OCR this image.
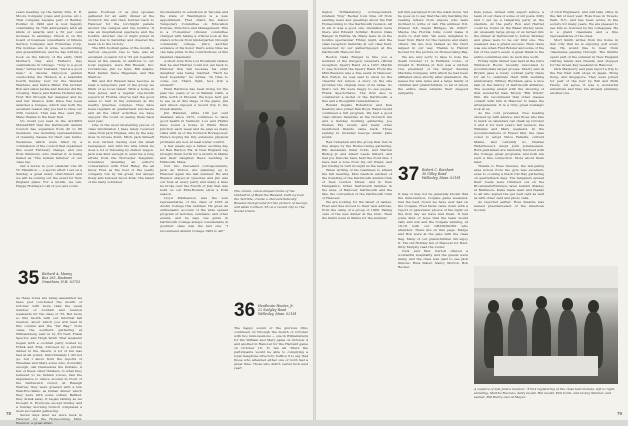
years heading up the family firm, E. R. Moore Company (caps and gowns, etc.). That company became part of Bentley Pontiac in 1960 and is now happily celebrating its 75th anniversary with all kinds of awards and a 50 per cent increase in earnings. Chuck is on the board of business consultants of Illinois Service Company and Franchise Corp. His hobbies are in wine, woodworking and grandchildren, and he has written a book on the history of the early 1920 Mother's Day and Father's Day celebrations in Chicago. "Tony is a good man," writes her husband, "and is a good man." A diverse Tanyoyon garden overlooking the Hudson is a beautiful fourth Sunday tour for the Wendell Wardens, and Debra Miller. His brother Bob and sister Jackie and Delores did the crossing. Dance and Debbie Holland saw Hoyt Hot through her designer and he and her finance Amb Dave has been awarded a bungee, which was both the excellent reason why Joe had to miss our 35th reunion. That was fine, said Jim. Many thanks to the Dear Neil.

No doubt you read in the ALUMNI MAGAZINE that the Dartmouth Alumni Council has expanded from 45 to 86 members, one including representatives of cleaning classes for their own terms. Vacancies which were filled by a commission of the council that organized this event February change, and one from Simmons, who chaired it, is being hailed as "The human failures" of our class rep.

Get a notice in your calendar: the 30 YC Marathon — a sports effort I set on a Sunday, a great many older-timers and we will be coming out the event for New England plans. For a month, we can. Happy Holidays to all of you and yours.

35 Richard A. Manny
Box 265, Eastman
Grantham, N.H. 03753

As these notes are being assembled we have just concluded the month of October with more than the usual number of football and reunion weekends for the class of '35. But more so this month with our informal fall reunion, about which you will read in this column and the "Tar Bag." Note came the southern gathering at Williamsburg sent in by Ed Nell, Frank Spector, and Hugh Wolff. That weekend began with a cocktail party hosted by Frank and Edie, followed by a picture dinner in the Tavern. A lot of fun was had at all points. Unfortunately I did not go, but I know from the reports of Wiseman and Mary some who, ironically enough, call themselves the Indians. A few of these other thinkers, to what they believed to be hidden voices, had the impudence to dance around in front of the Dartmouth crowd. At Raleigh Warren, they were greeted with a few Wah-Hoo-Wahs, as Indian dinner which they were with some outlaw. Baffled, they drank away. It began raining as we thought it. Everyone except Dudley and a Sunday morning brunch completed a most successful gathering.

Seven days later we were back in Hanover for the Homecoming Mini-Reunion, a great affair.

game. Fourteen of us plus spouses gathered for an early dinner at the Norwich Inn and then hurried back to Hanover for the torchlight parade around the campus and the bonfire. It was an inspirational spectacle and the bonfire. Another one or night joined in on the bus to Saturday and cheered the team on to the victory.

The fifth football game of the month, a narrow one-point loss to Yale, was an excellent occasion for a '35 get together. Seen at the stands, in addition to our local regulars, were Bill Russell, Doc Cornbrooks, Jim Le Sure, Bill Adams, Reid Pedler, Dave Hageman, and Hal Stanton.

Bill and Dot Russell have become at least a temporary part of the group we think of as local talent. With a home in New Jersey and a regular one-month sojourn in Florida, they've had the good sense to rent in the summers at the nearby Quechee complex. They have been regulars at quarterback luncheons and all the other activities we have enjoyed. We count on seeing them back next year.

One of the most interesting pieces of class information I have lately received came from Jack Hughes, who by the way, lives in Grosse Point, Mich. Jack himself is now retired, having sold his small newspaper, and with his wife Olivia he does a lot of traveling by station wagon. Jack was kind enough to send me a long article from the Worcester Telegram, Columbus detailing an editor's conversation with Fred Haley. We all know Fred as the host of the yearly company run by his great, but always lively and beloved mood Kula. The latest of his many volunteer

involvements in education in Tacoma and the state of Washington is a new appointment. Fred chairs the state's Temporary Committee on Education Policies, Structure and Management. This is a 17-member citizens' committee charged with taking a critical look at the state's schools from kindergarten through community college. Jim's another evidence of his honor that's some time we can take pride in the contributions of this talented classmate!

A short note from Lou Bookheim relates that he and Harriet could not get back to Hanover this fall because his older daughter was being married. "We'll be back hopefully," he writes, "in time to come out. That's right, he's still a student!"

Hunt Harrison has been living for the past two years or so in Belmar, Calif., a little north of Phoenix. We hope he'll get to see us at this stage of the game. Jim and Alison enjoyed a recent trip to the Greek islands.

Jim Hamden, while 100 per cent disabled since 1973, continues to have good health in Vermont. Lou and Phyllis have found a home in White River Junction each week and he pays us many visits with us of the Norwich Horsepower. Here's hoping his tiny extensive physical problems are now at least under control.

A few weeks ago a rather exciting day for Ben Harbor, Fla. & New England rep brought them north for a month in Maine and their daughter Bea's wedding in Falmouth, Mass.

Our two Cleveland correspondents, Jack Au Wilcox, are planning up to Hanover again the last summer. He and Eleanor stayed at Quechee and Jim was our host at every party and many a time he broke over the Fourth of July that was built on our Mini-Rounds show a Pork season.

Lloyd Mathewson was the sole representative of the class of 1935 at Austin College this summer. He gives an enthusiastic account of the wide spread program of lectures, seminars, and other events, and he says one guide in Dartmouth College always considerable & gourmet class was the last one. "I recommend Alumni College 1983 to all!"

The ornate, onion-shaped dome of the Cathedral of Basil the Blessed, built by Ivan the Terrible, create a characteristically Russian background for the picture of George and Gilda Carlson '35 on a recent trip to the Soviet Union.
36 Heathcote Hunter, Jr.
12 Sedgley Road
Wellesley, Mass. 02181

The happy sound of the glorious Ohio continued on through the month of October with two mini-reunions — one in Williamsburg for the William and Mary game on October 4 and another in Hanover for the Harvard game on October 18. To fan all '36ers the participants would be able to complying a loyal telephone directory. Suffice it to say that those who attended either one or both had a great time. Those who didn't, better luck next year!

78

ington Williamsburg correspondent, Graham "Pop" Beckel took time off from sending news and greetings about the Fall Homecoming to the Dartmouth reunion. All in all, it was a good one. Gustafson were there and Edward Schiller. Boston Oaks Ranger in Fairfax, Va. Many were in on the bonfire spectacular Friday night, and the class reception Saturday at our class field, sponsored by our gathering-spot at the Dartmouth Hanover Inn.

Boston Oaks Ranger is like you a member of the Surgeon General's official reception, Sperry Rand. At a 1937, Martin C. was Norwich the Sperry Rand. From the Mini-Reunion was a fine event in Hanover: Bob Felton, he was said to show us the cheerful hot lemon. A story on the site provides the original view of its name. So that's out. We were happy to see people. Frank Spectorhave. The first also is considered a model of the Dartmouth, a fine and a thoughtful remembrance.

Ronald Ingalls Robertson and Ken Seabury also joined Dan Boyd. Ralph Gould continued a full program. We had a good class dinner Saturday at the Norwich Inn and a Sunday morning gathering. Joe Weiner, Fay Gould, and many other mentioned friends came back. Those signing in included George Ander, Jake Gould.

Red Campbell and the group that met in fine shape by the Homecoming gathering. Bill Alexander, Peter Cobb, and Warren Bishop Jr. and Albert Leeds Gilbert, and had Joe Dulocke have held the front line. I have had a note from my old friend, and Jim Dudley in turn brought us the news.

When writing of his readiness to attend the fall meeting, Paul Gadbois advised of the founding of the Dartmouth Alumni Club of New London Street, and in New Hampshire. Other Dartmouth families in the area, of Hanover, Dartmouth and the like, the convention of the Dartmouth Club of Hanover.

We are looking for the latest of names. Fred and Sue moved to their new address, from the camp of a group of 1989. Taking care of the new dinner at the Club. Then the Kents were in Maine for the summer.

left him paralyzed from the waist down. Yet he goes on to say that the only hardship his reading letters from anyone who feels inclined to write or call. His address: P.O. Drawer 9-X, Sugar Bridges, Va. 03027. Maybe the Florida folks could make it down to visit him. We were delighted to hear from Ward for the reunion and many others. We are now ranked as the third largest in our way. Thanks to Harold Kovner for the picture on Homecoming Bay.

We are very sorry to have to note the death October 11 in Fairfield, Conn., of Donald K. Robbins Jr. Don was a retired vice president of the Singer Sewing Machine Company, with which he had been affiliated since shortly after graduation. He leaves his wife Anne and a large family of children and grandchildren, to all of whom the entire class extends their deepest sympathy.

37 Robert C. Reinhart
30 Gilley Road
Wellesley, Mass. 02181

It may or may not be generally known that the mini-reunion, Colgate game weekend, had the best crowd we have ever had on the Colgate. Fred Kuhn came down with a report of panoramic photos of the night on the first day we have had them. It had some kind of hope that the team would rally and win and the Colgate winning, at 18-18 with our GRANDSONS who attended. There are on this page. Marge and Bob were at the gate with the class flag. Many of our grandchildren did enjoy it. The old Holiday Inn of Hanover for Rust. Kitty Murphy read the roster.

Nick and Bud Carroll offered a wonderful hospitality and the guests were many, and the class was glad to see Jack Simons, Russ Slater, Nancy Morton, Bob Beckel.

Pete Jones. Armed with expert advice, a team of our class of some of old poets, Kitty and I set up a tailgating party at the stadium. At the party Ron and Harriet could be found on the Baker library lawn. An unusually large group of us turned into the dinner at Dartmouth to follow. Monkey and grass were to be our first one. The weekend was a grand success. Then there was one when Fred Bolster and some of the fun of the year's event. A great thank to the entire committee who do such fine work.

Friday night dinner was held at the Inn's Whitelock Room, recently renovated to accommodate larger groups. Sherry and Al Bryant gave a lovely cocktail party there for all to celebrate their 60th wedding anniversary. Whitey Burnham gave a nice talk on the history of Dartmouth athletics. The evening ended with the showing of that wonderful Sam Brown "Hill Winds" film. We recommend that other classes consult with him in Hanover to make the arrangements. It is a truly great nostalgic look at us.

As the cold prevailed, free heating showed up with admire, and those who like to mark on calendars can chalk up October 3 and 4 for next year's fall reunion, the Williams and Mary weekend. In the accommodations of Fraser Kim, the class voted to adopt Vince Falletta, current Maine, and certainly no Charles Waterhouse's adopt John Johannessen. Both gentlemen are randomly involved with the College, great programs, and both are such a fine connection. More about them later.

Thanks to Russ Stevens, the tail-gating area across from the gym was excellent, even to cooking a black Cat Ray gathering on quarterback days. The tailgaters spread their roads were trimmed out on the Brownstein/Embrace lawn behind Stanley at Baltimore. Katie made lawn and thanks to all who signed the get well card as well as with other card and photo calls.

As reported earlier, Ross Stearns was named president-elect of the American Society

of Civil Engineers, and will take office in the fall of next year. Ross lives in Tuxedo Park, N.Y., and has been active in the society for many years. We are pleased to see him so honored by his colleagues. He is a grand classmate and a fine representative of the class.

Mort Smith writes from his home in Sun City that he is enjoying golf every day. He would like to hear from classmates passing through. The Smiths spent part of the summer in New England visiting family and friends, and stopped for the Green Key weekend in Hanover.

Dick Mayberry and Jean report a trip to the Far East with stops in Japan, Hong Kong, and Singapore. They were joined for part of the tour by Bill and Ruth Henry. All agree it was a wonderful adventure and they are already planning another one.

A capture of last June's reunion: '37ers registering at the class tent include, left to right, standing, Martha Buzzuto, Sally Gould, Hal Gould, Phil Conti, and Gonzy Skinner, and seated, Bill Henry and Al Meyer.
79
